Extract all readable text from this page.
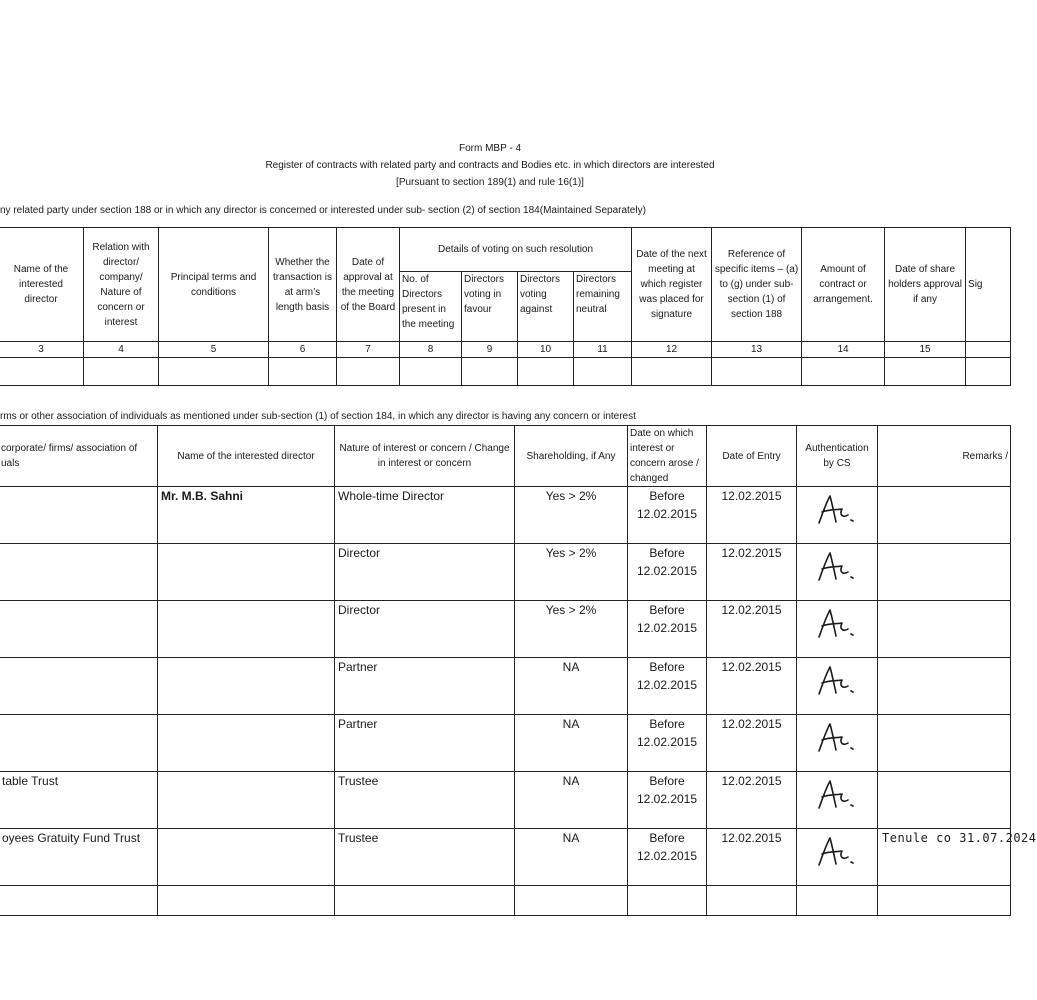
Form MBP - 4
Register of contracts with related party and contracts and Bodies etc. in which directors are interested
[Pursuant to section 189(1) and rule 16(1)]
ny related party under section 188 or in which any director is concerned or interested under sub- section (2) of section 184(Maintained Separately)
Name of the interested director	Relation with director/ company/ Nature of concern or interest	Principal terms and conditions	Whether the transaction is at arm’s length basis	Date of approval at the meeting of the Board	Details of voting on such resolution				Date of the next meeting at which register was placed for signature	Reference of specific items – (a) to (g) under sub-section (1) of section 188	Amount of contract or arrangement.	Date of share holders approval if any	Sig
					No. of Directors present in the meeting	Directors voting in favour	Directors voting against	Directors remaining neutral					
3	4	5	6	7	8	9	10	11	12	13	14	15	

rms or other association of individuals as mentioned under sub-section (1) of section 184, in which any director is having any concern or interest
corporate/ firms/ association of uals	Name of the interested director	Nature of interest or concern / Change in interest or concern	Shareholding, if Any	Date on which interest or concern arose / changed	Date of Entry	Authentication by CS	Remarks /
	Mr. M.B. Sahni	Whole-time Director	Yes > 2%	Before 12.02.2015	12.02.2015	

		Director	Yes > 2%	Before 12.02.2015	12.02.2015	

		Director	Yes > 2%	Before 12.02.2015	12.02.2015	

		Partner	NA	Before 12.02.2015	12.02.2015	

		Partner	NA	Before 12.02.2015	12.02.2015	

table Trust		Trustee	NA	Before 12.02.2015	12.02.2015	

oyees Gratuity Fund Trust		Trustee	NA	Before 12.02.2015	12.02.2015		Tenule co 31.07.2024
